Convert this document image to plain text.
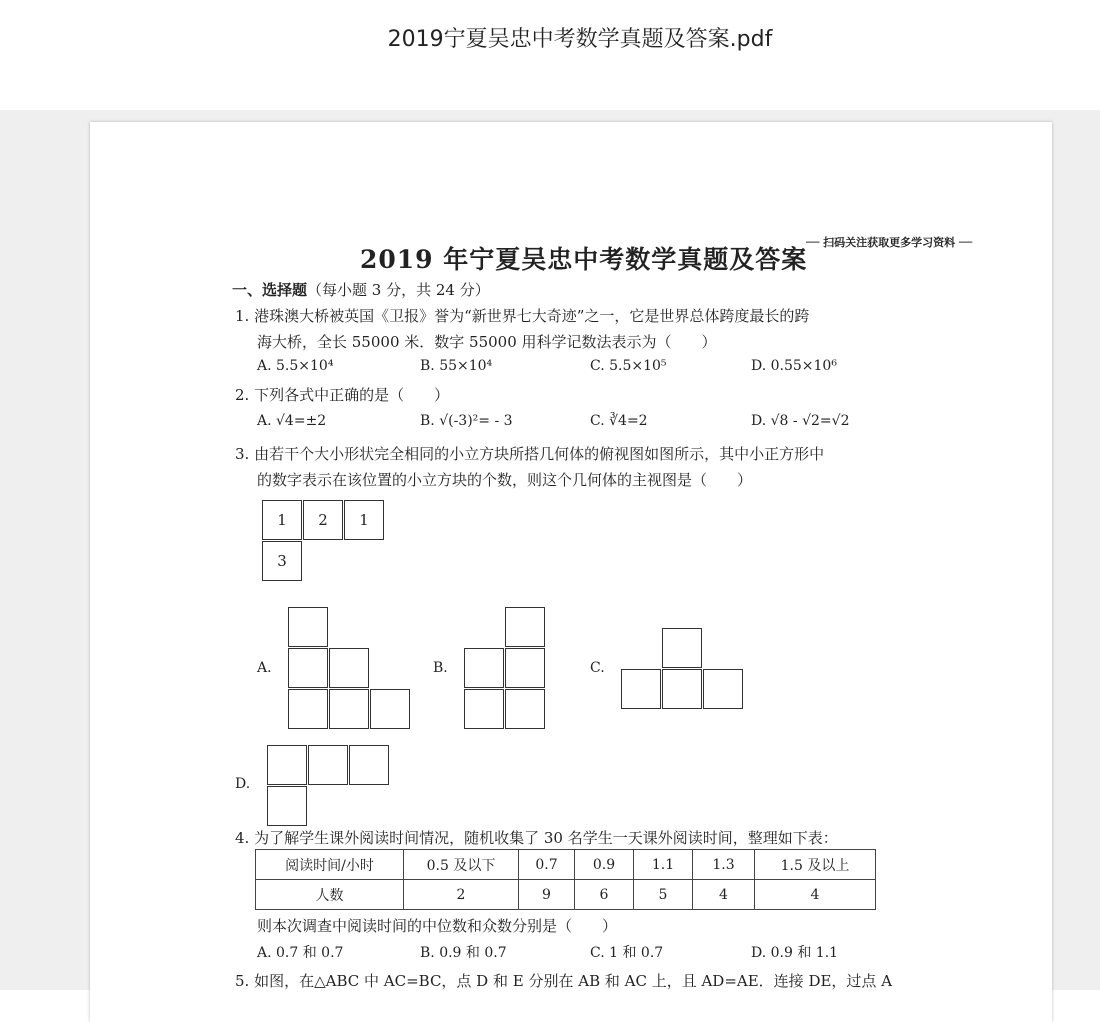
2019宁夏吴忠中考数学真题及答案.pdf
── 扫码关注获取更多学习资料 ──
2019 年宁夏吴忠中考数学真题及答案
一、选择题（每小题 3 分，共 24 分）
1. 港珠澳大桥被英国《卫报》誉为“新世界七大奇迹”之一，它是世界总体跨度最长的跨
海大桥，全长 55000 米．数字 55000 用科学记数法表示为（　　）
A. 5.5×10⁴	B. 55×10⁴	C. 5.5×10⁵	D. 0.55×10⁶
2. 下列各式中正确的是（　　）
A. √4=±2	B. √(-3)²= - 3	C. ∛4=2	D. √8 - √2=√2
3. 由若干个大小形状完全相同的小立方块所搭几何体的俯视图如图所示，其中小正方形中
的数字表示在该位置的小立方块的个数，则这个几何体的主视图是（　　）
1	2	1
3
A.	B.	C.
D.
4. 为了解学生课外阅读时间情况，随机收集了 30 名学生一天课外阅读时间，整理如下表：
阅读时间/小时	0.5 及以下	0.7	0.9	1.1	1.3	1.5 及以上
人数	2	9	6	5	4	4
则本次调查中阅读时间的中位数和众数分别是（　　）
A. 0.7 和 0.7	B. 0.9 和 0.7	C. 1 和 0.7	D. 0.9 和 1.1
5. 如图，在△ABC 中 AC=BC，点 D 和 E 分别在 AB 和 AC 上，且 AD=AE．连接 DE，过点 A
